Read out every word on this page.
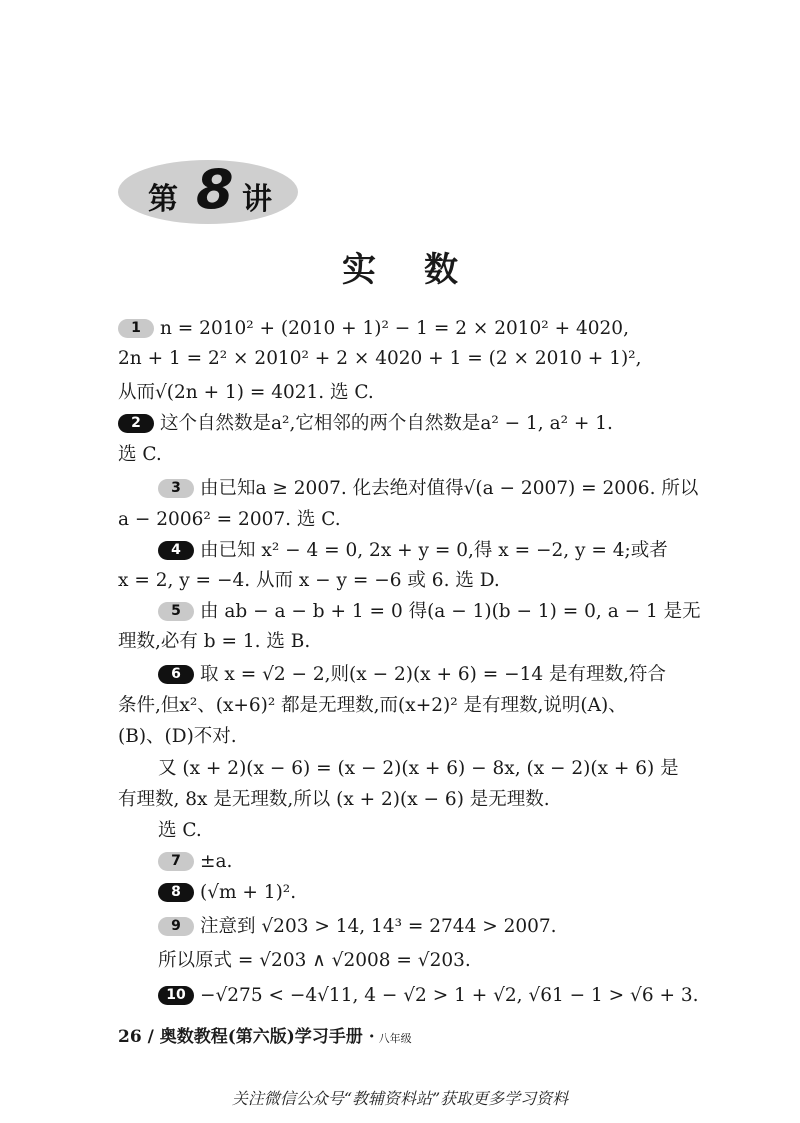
第 8 讲
实数
1 n = 2010² + (2010 + 1)² − 1 = 2 × 2010² + 4020,
2n + 1 = 2² × 2010² + 2 × 4020 + 1 = (2 × 2010 + 1)²,
从而√(2n + 1) = 4021. 选 C.
2 这个自然数是a²,它相邻的两个自然数是a² − 1, a² + 1.
选 C.
3 由已知a ≥ 2007. 化去绝对值得√(a − 2007) = 2006. 所以
a − 2006² = 2007. 选 C.
4 由已知 x² − 4 = 0, 2x + y = 0,得 x = −2, y = 4;或者
x = 2, y = −4. 从而 x − y = −6 或 6. 选 D.
5 由 ab − a − b + 1 = 0 得(a − 1)(b − 1) = 0, a − 1 是无
理数,必有 b = 1. 选 B.
6 取 x = √2 − 2,则(x − 2)(x + 6) = −14 是有理数,符合
条件,但x²、(x+6)² 都是无理数,而(x+2)² 是有理数,说明(A)、
(B)、(D)不对.
又 (x + 2)(x − 6) = (x − 2)(x + 6) − 8x, (x − 2)(x + 6) 是
有理数, 8x 是无理数,所以 (x + 2)(x − 6) 是无理数.
选 C.
7 ±a.
8 (√m + 1)².
9 注意到 √203 > 14, 14³ = 2744 > 2007.
所以原式 = √203 ∧ √2008 = √203.
10 −√275 < −4√11, 4 − √2 > 1 + √2, √61 − 1 > √6 + 3.
26 / 奥数教程(第六版)学习手册 · 八年级
关注微信公众号“教辅资料站”获取更多学习资料
